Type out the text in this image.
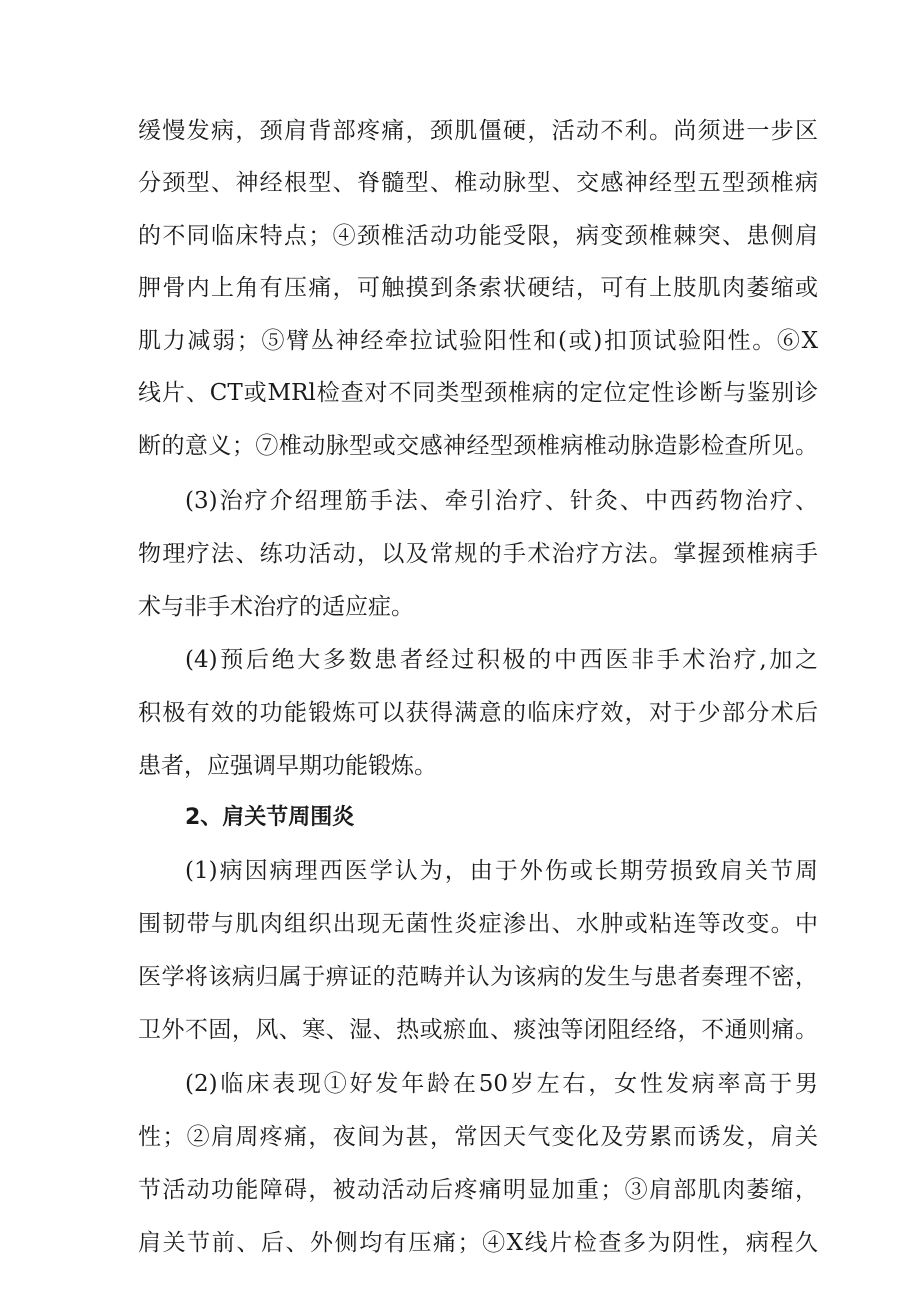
缓慢发病，颈肩背部疼痛，颈肌僵硬，活动不利。尚须进一步区
分颈型、神经根型、脊髓型、椎动脉型、交感神经型五型颈椎病
的不同临床特点；④颈椎活动功能受限，病变颈椎棘突、患侧肩
胛骨内上角有压痛，可触摸到条索状硬结，可有上肢肌肉萎缩或
肌力减弱；⑤臂丛神经牵拉试验阳性和(或)扣顶试验阳性。⑥X
线片、CT或MRl检查对不同类型颈椎病的定位定性诊断与鉴别诊
断的意义；⑦椎动脉型或交感神经型颈椎病椎动脉造影检查所见。
(3)治疗介绍理筋手法、牵引治疗、针灸、中西药物治疗、
物理疗法、练功活动，以及常规的手术治疗方法。掌握颈椎病手
术与非手术治疗的适应症。
(4)预后绝大多数患者经过积极的中西医非手术治疗,加之
积极有效的功能锻炼可以获得满意的临床疗效，对于少部分术后
患者，应强调早期功能锻炼。
2、肩关节周围炎
(1)病因病理西医学认为，由于外伤或长期劳损致肩关节周
围韧带与肌肉组织出现无菌性炎症渗出、水肿或粘连等改变。中
医学将该病归属于痹证的范畴并认为该病的发生与患者奏理不密，
卫外不固，风、寒、湿、热或瘀血、痰浊等闭阻经络，不通则痛。
(2)临床表现①好发年龄在50岁左右，女性发病率高于男
性；②肩周疼痛，夜间为甚，常因天气变化及劳累而诱发，肩关
节活动功能障碍，被动活动后疼痛明显加重；③肩部肌肉萎缩，
肩关节前、后、外侧均有压痛；④X线片检查多为阴性，病程久
